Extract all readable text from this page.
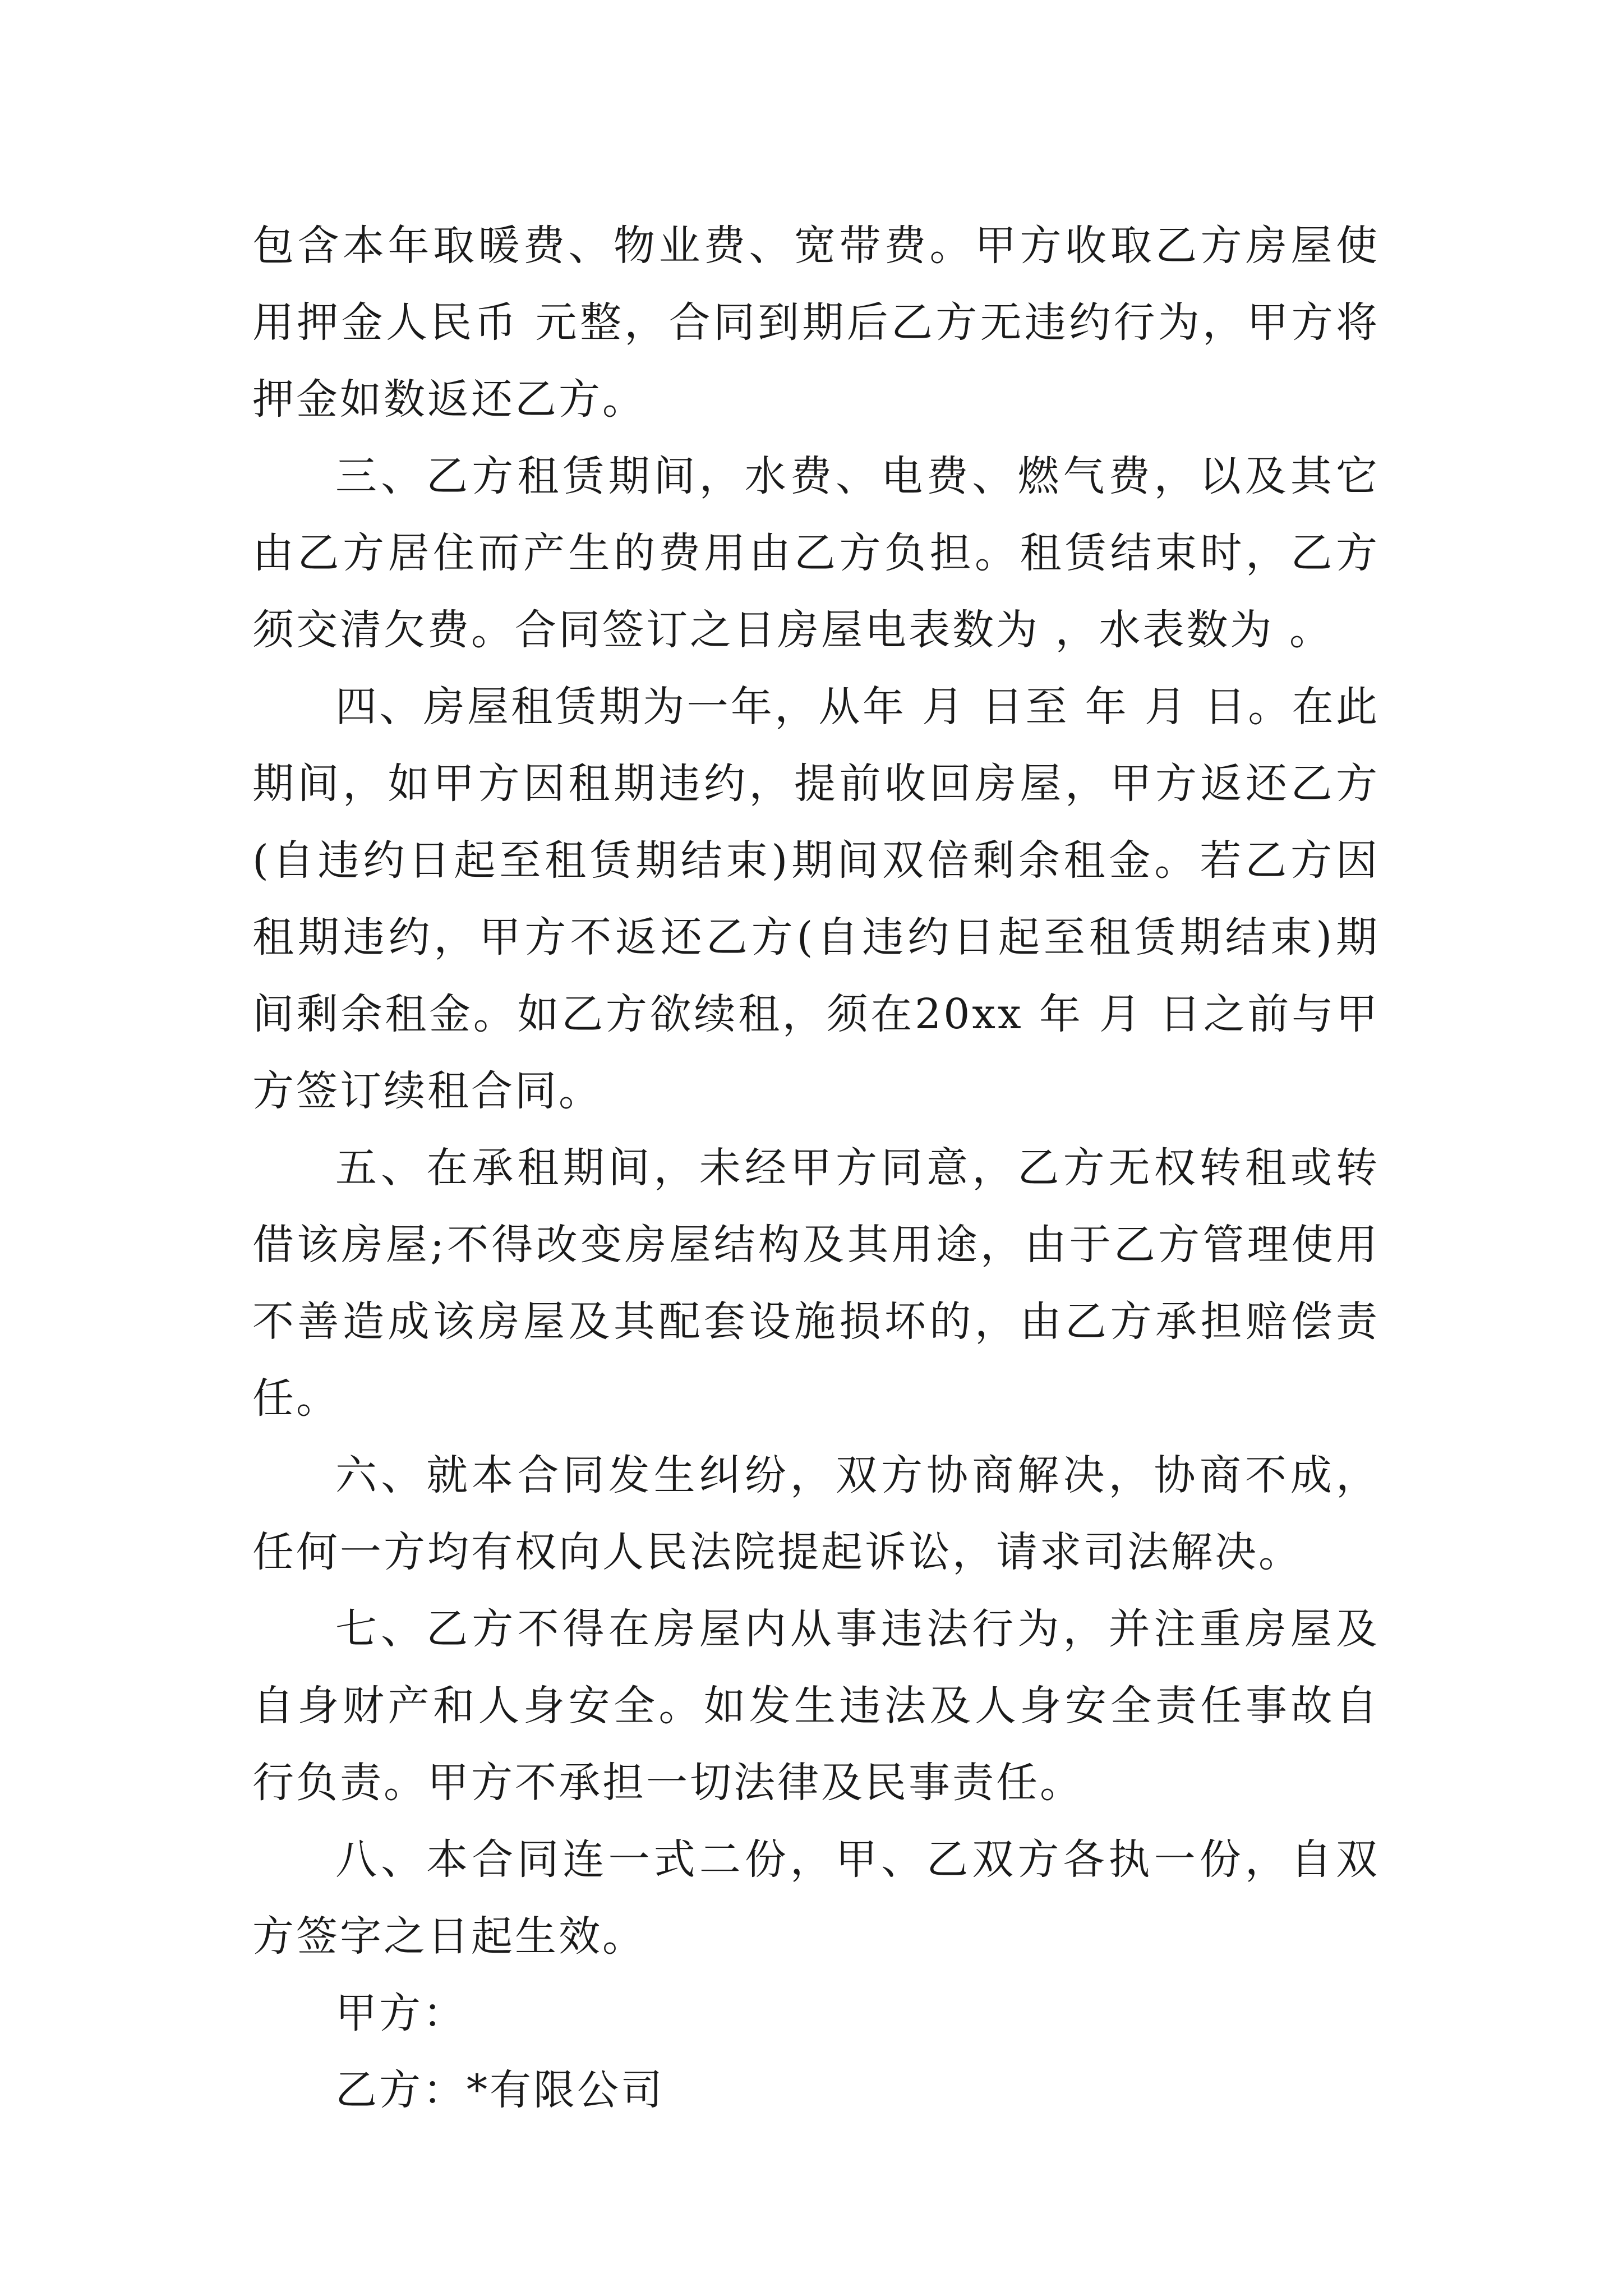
包含本年取暖费、物业费、宽带费。甲方收取乙方房屋使用押金人民币 元整，合同到期后乙方无违约行为，甲方将押金如数返还乙方。

三、乙方租赁期间，水费、电费、燃气费，以及其它由乙方居住而产生的费用由乙方负担。租赁结束时，乙方须交清欠费。合同签订之日房屋电表数为 ，水表数为 。

四、房屋租赁期为一年，从年 月 日至 年 月 日。在此期间，如甲方因租期违约，提前收回房屋，甲方返还乙方(自违约日起至租赁期结束)期间双倍剩余租金。若乙方因租期违约，甲方不返还乙方(自违约日起至租赁期结束)期间剩余租金。如乙方欲续租，须在20xx 年 月 日之前与甲方签订续租合同。

五、在承租期间，未经甲方同意，乙方无权转租或转借该房屋;不得改变房屋结构及其用途，由于乙方管理使用不善造成该房屋及其配套设施损坏的，由乙方承担赔偿责任。

六、就本合同发生纠纷，双方协商解决，协商不成，任何一方均有权向人民法院提起诉讼，请求司法解决。

七、乙方不得在房屋内从事违法行为，并注重房屋及自身财产和人身安全。如发生违法及人身安全责任事故自行负责。甲方不承担一切法律及民事责任。

八、本合同连一式二份，甲、乙双方各执一份，自双方签字之日起生效。

甲方：

乙方：*有限公司
